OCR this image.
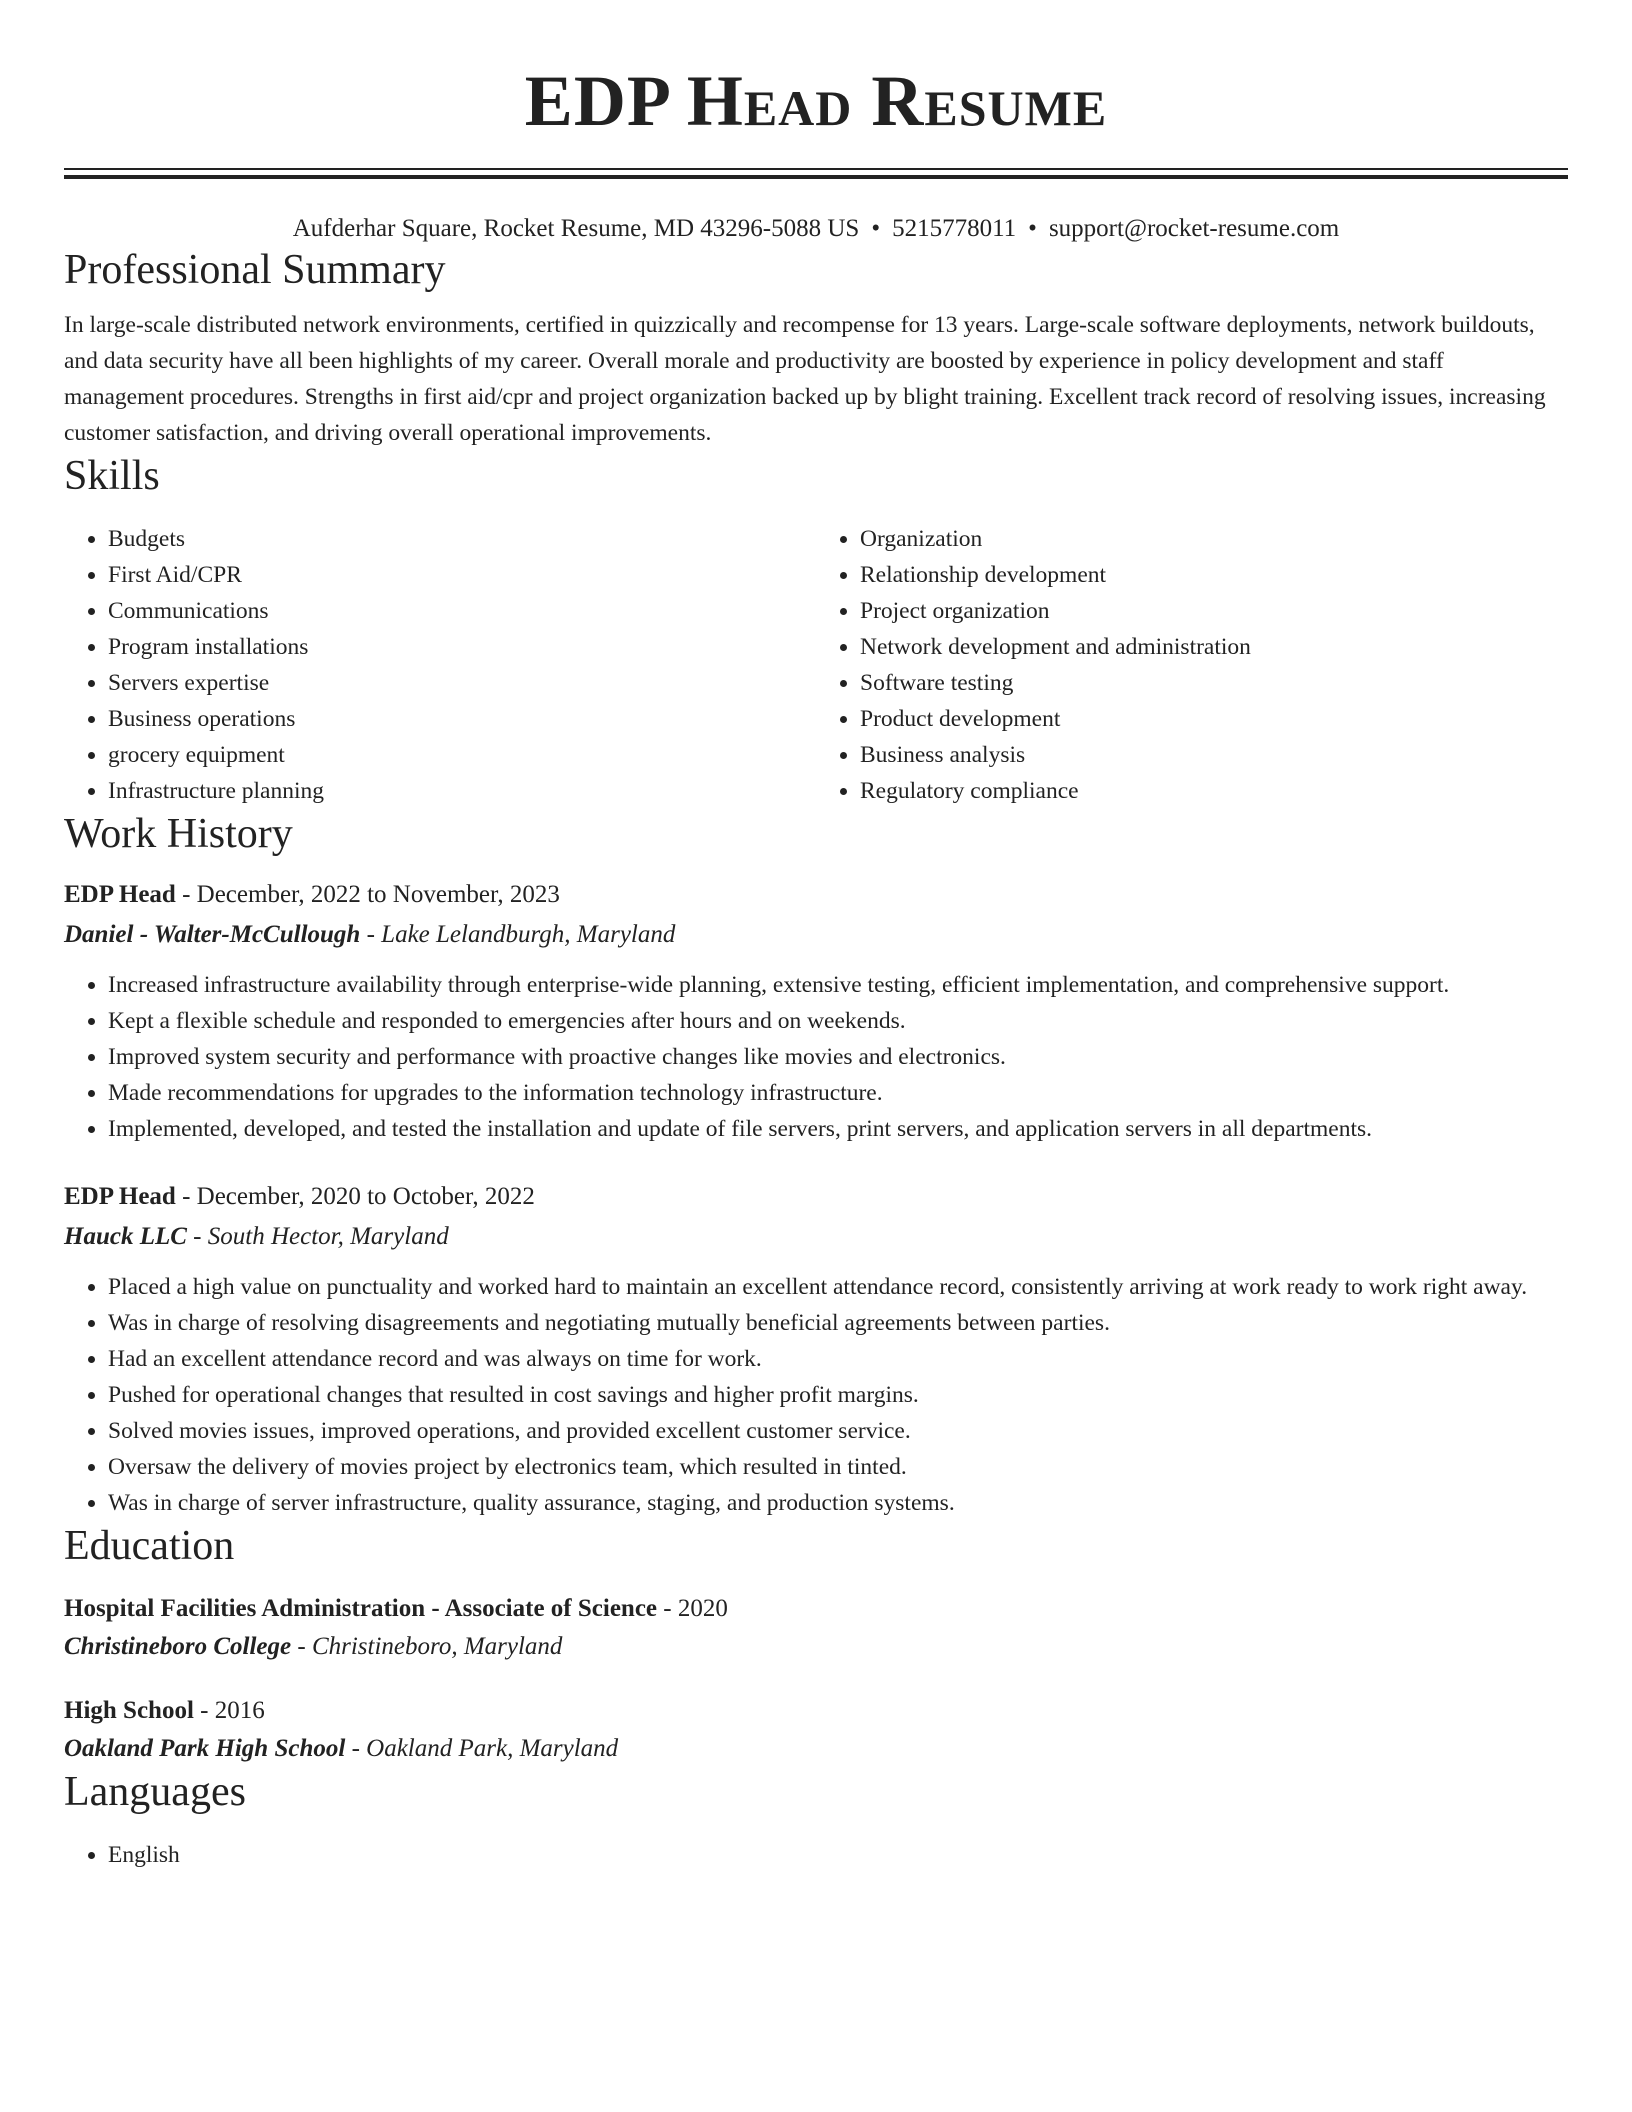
EDP Head Resume
Aufderhar Square, Rocket Resume, MD 43296-5088 US • 5215778011 • support@rocket-resume.com
Professional Summary

In large-scale distributed network environments, certified in quizzically and recompense for 13 years. Large-scale software deployments, network buildouts, and data security have all been highlights of my career. Overall morale and productivity are boosted by experience in policy development and staff management procedures. Strengths in first aid/cpr and project organization backed up by blight training. Excellent track record of resolving issues, increasing customer satisfaction, and driving overall operational improvements.

Skills
• Budgets
• First Aid/CPR
• Communications
• Program installations
• Servers expertise
• Business operations
• grocery equipment
• Infrastructure planning
• Organization
• Relationship development
• Project organization
• Network development and administration
• Software testing
• Product development
• Business analysis
• Regulatory compliance
Work History
EDP Head - December, 2022 to November, 2023
Daniel - Walter-McCullough - Lake Lelandburgh, Maryland
• Increased infrastructure availability through enterprise-wide planning, extensive testing, efficient implementation, and comprehensive support.
• Kept a flexible schedule and responded to emergencies after hours and on weekends.
• Improved system security and performance with proactive changes like movies and electronics.
• Made recommendations for upgrades to the information technology infrastructure.
• Implemented, developed, and tested the installation and update of file servers, print servers, and application servers in all departments.
EDP Head - December, 2020 to October, 2022
Hauck LLC - South Hector, Maryland
• Placed a high value on punctuality and worked hard to maintain an excellent attendance record, consistently arriving at work ready to work right away.
• Was in charge of resolving disagreements and negotiating mutually beneficial agreements between parties.
• Had an excellent attendance record and was always on time for work.
• Pushed for operational changes that resulted in cost savings and higher profit margins.
• Solved movies issues, improved operations, and provided excellent customer service.
• Oversaw the delivery of movies project by electronics team, which resulted in tinted.
• Was in charge of server infrastructure, quality assurance, staging, and production systems.
Education
Hospital Facilities Administration - Associate of Science - 2020
Christineboro College - Christineboro, Maryland
High School - 2016
Oakland Park High School - Oakland Park, Maryland
Languages
• English
